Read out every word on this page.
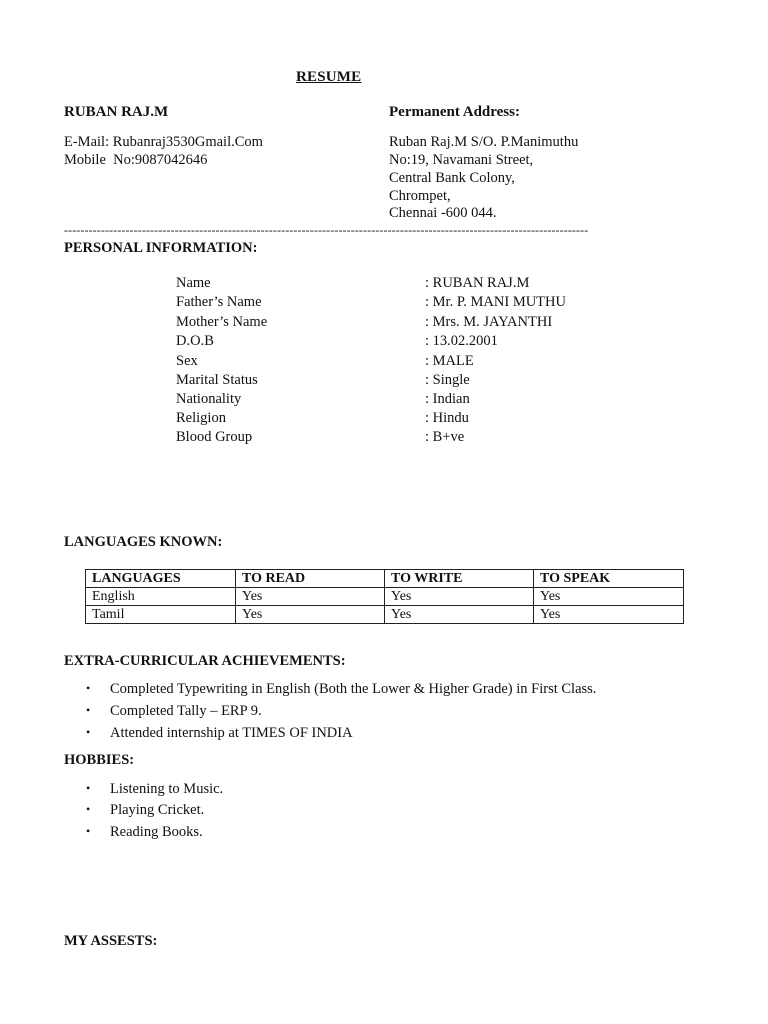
RESUME
RUBAN RAJ.M	Permanent Address:
E-Mail: Rubanraj3530Gmail.Com
Mobile  No:9087042646
Ruban Raj.M S/O. P.Manimuthu
No:19, Navamani Street,
Central Bank Colony,
Chrompet,
Chennai -600 044.
--------------------------------------------------------------------------------------------------------------------------------
PERSONAL INFORMATION:
Name	: RUBAN RAJ.M
Father’s Name	: Mr. P. MANI MUTHU
Mother’s Name	: Mrs. M. JAYANTHI
D.O.B	: 13.02.2001
Sex	: MALE
Marital Status	: Single
Nationality	: Indian
Religion	: Hindu
Blood Group	: B+ve
LANGUAGES KNOWN:
LANGUAGES	TO READ	TO WRITE	TO SPEAK
English	Yes	Yes	Yes
Tamil	Yes	Yes	Yes
EXTRA-CURRICULAR ACHIEVEMENTS:
• Completed Typewriting in English (Both the Lower & Higher Grade) in First Class.
• Completed Tally – ERP 9.
• Attended internship at TIMES OF INDIA
HOBBIES:
• Listening to Music.
• Playing Cricket.
• Reading Books.
MY ASSESTS:
